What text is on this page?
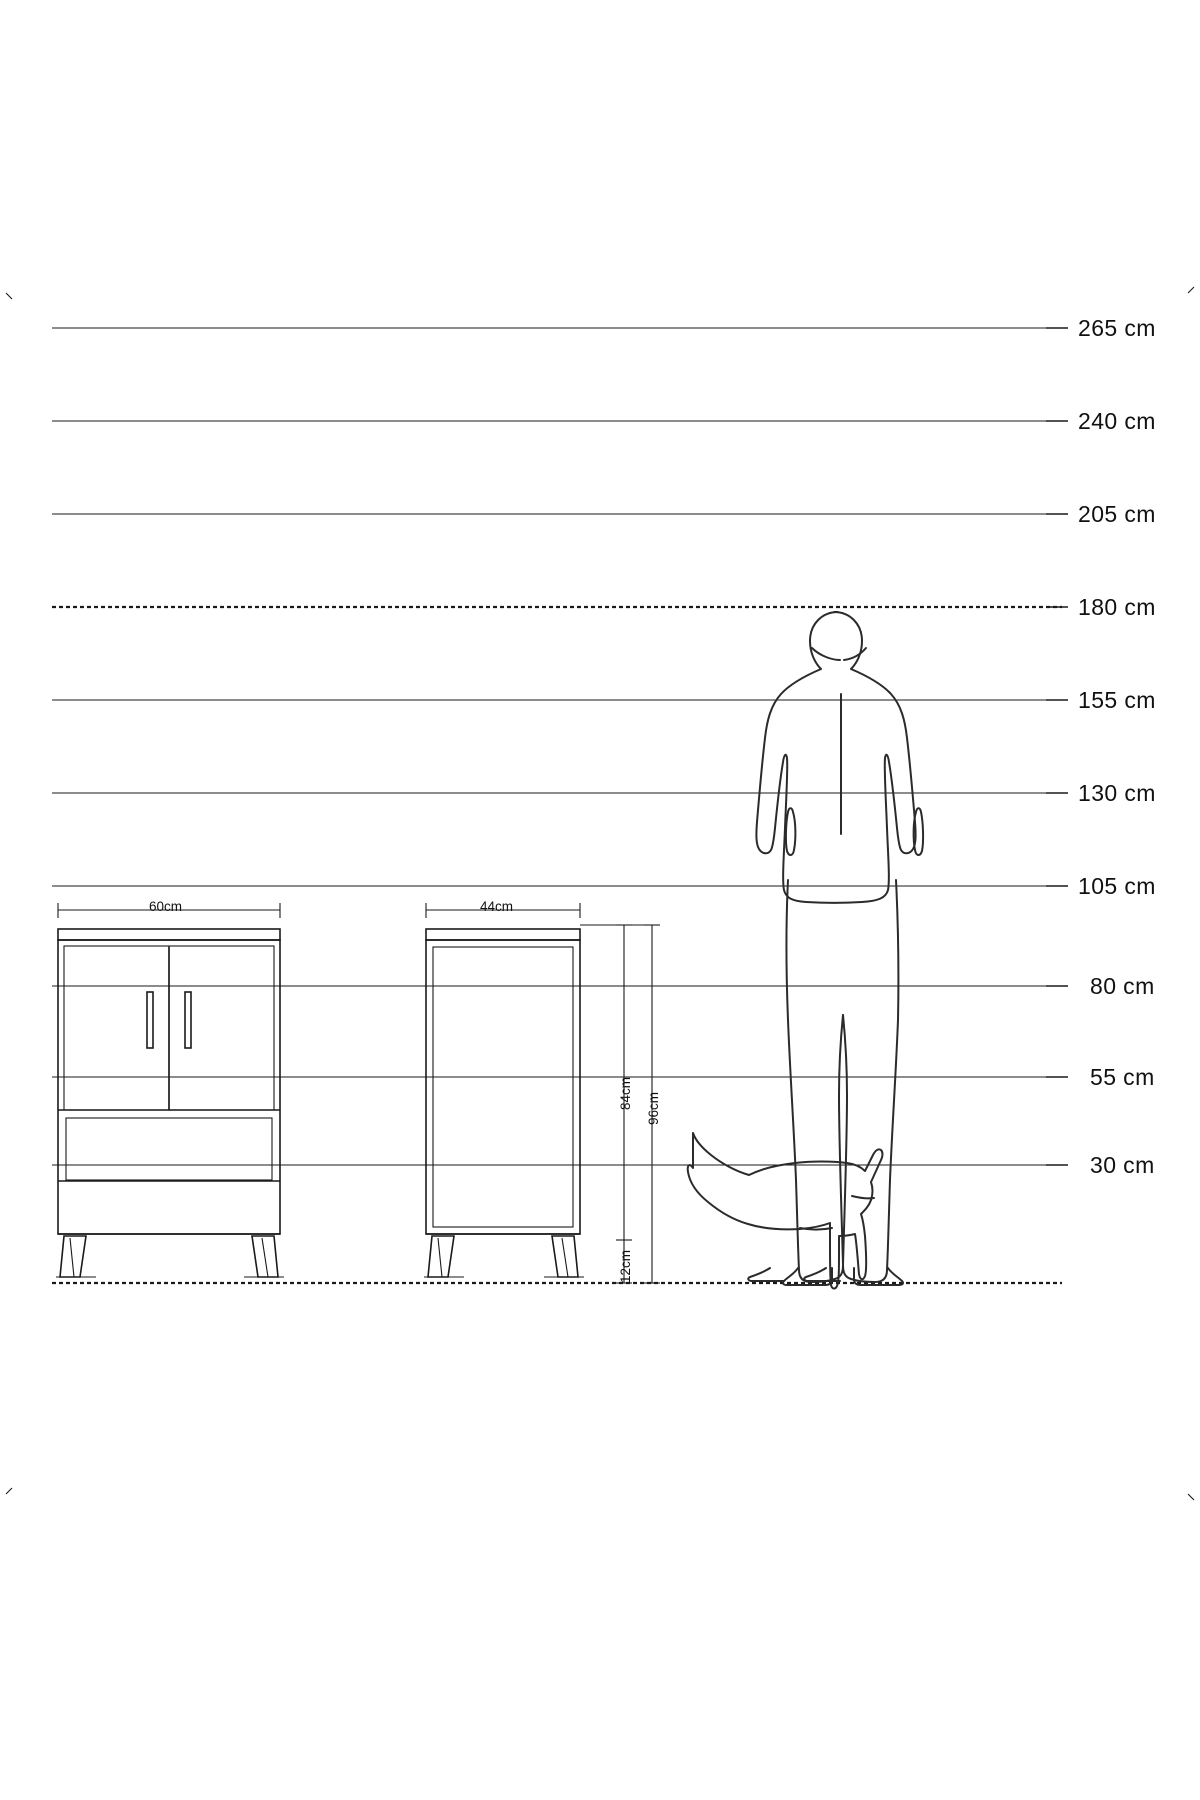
265 cm
240 cm
205 cm
180 cm
155 cm
130 cm
105 cm
80 cm
55 cm
30 cm
60cm	44cm
84cm 96cm
12cm
